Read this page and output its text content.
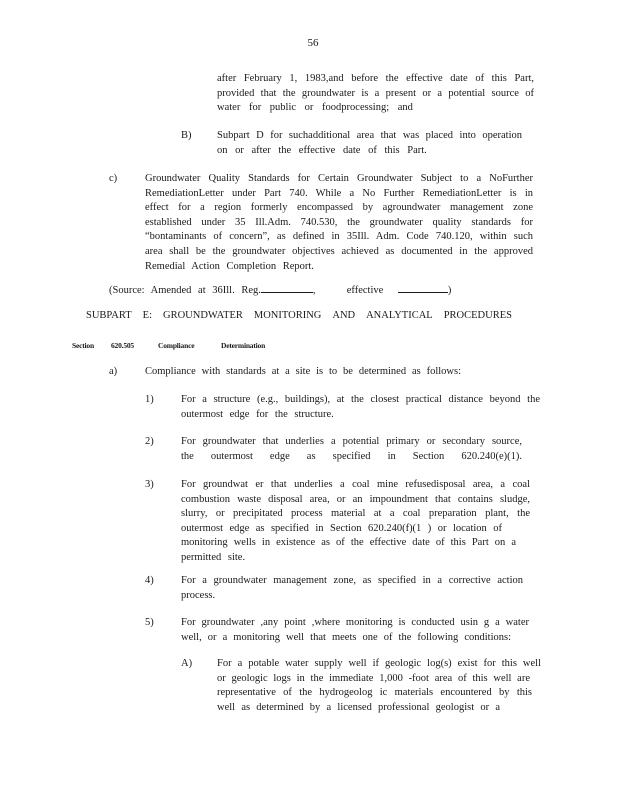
56
after February 1, 1983,and before the effective date of this Part,
provided that the groundwater is a present or a potential source of
water for public or foodprocessing; and
B) Subpart D for suchadditional area that was placed into operation
on or after the effective date of this Part.
c)	Groundwater Quality Standards for Certain Groundwater Subject to a NoFurther
RemediationLetter under Part 740. While a No Further RemediationLetter is in
effect for a region formerly encompassed by agroundwater management zone
established under 35 Ill.Adm. 740.530, the groundwater quality standards for
“bontaminants of concern”, as defined in 35Ill. Adm. Code 740.120, within such
area shall be the groundwater objectives achieved as documented in the approved
Remedial Action Completion Report.
(Source: Amended at 36Ill. Reg.	,	effective	)
SUBPART E: GROUNDWATER MONITORING AND ANALYTICAL PROCEDURES
Section 620.505	Compliance	Determination
a)	Compliance with standards at a site is to be determined as follows:
1)	For a structure (e.g., buildings), at the closest practical distance beyond the
outermost edge for the structure.
2)	For groundwater that underlies a potential primary or secondary source,
the outermost edge as specified in Section 620.240(e)(1).
3)	For groundwat er that underlies a coal mine refusedisposal area, a coal
combustion waste disposal area, or an impoundment that contains sludge,
slurry, or precipitated process material at a coal preparation plant, the
outermost edge as specified in Section 620.240(f)(1 ) or location of
monitoring wells in existence as of the effective date of this Part on a
permitted site.
4)	For a groundwater management zone, as specified in a corrective action
process.
5)	For groundwater ,any point ,where monitoring is conducted usin g a water
well, or a monitoring well that meets one of the following conditions:
A) For a potable water supply well if geologic log(s) exist for this well
or geologic logs in the immediate 1,000 -foot area of this well are
representative of the hydrogeolog ic materials encountered by this
well as determined by a licensed professional geologist or a
